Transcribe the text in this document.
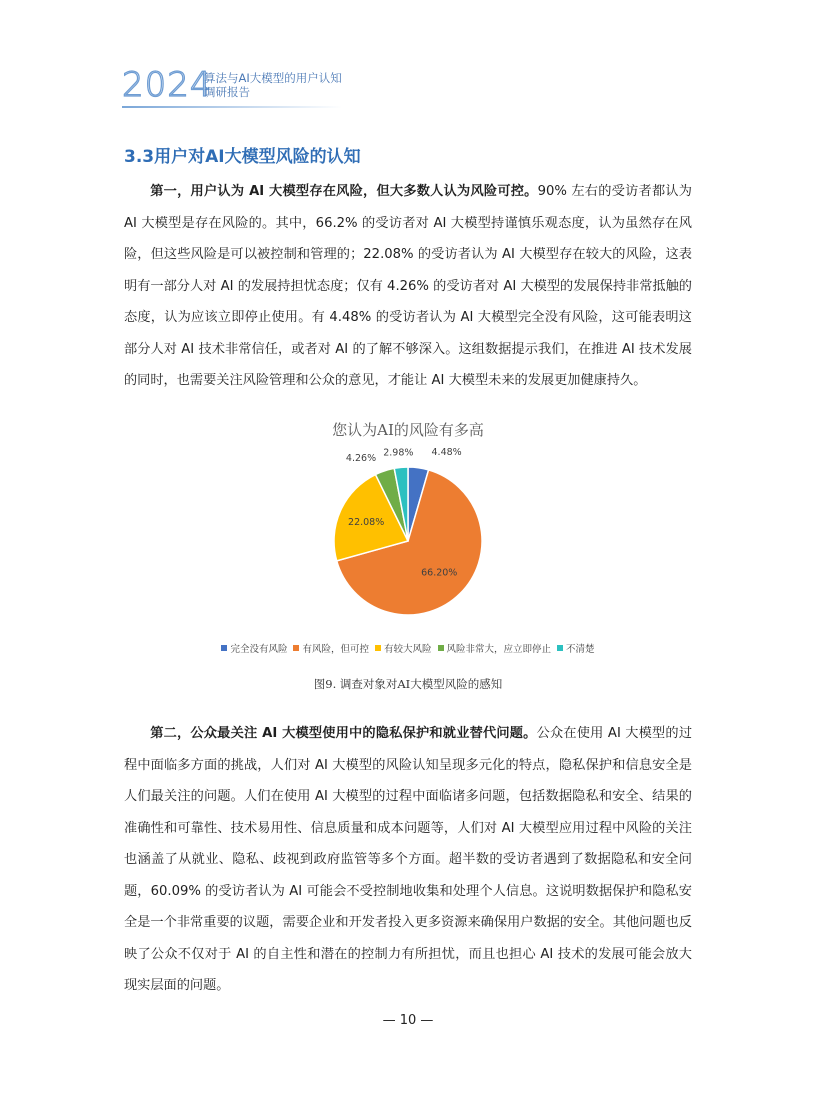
2024
算法与AI大模型的用户认知
调研报告
3.3用户对AI大模型风险的认知

第一，用户认为 AI 大模型存在风险，但大多数人认为风险可控。90% 左右的受访者都认为 AI 大模型是存在风险的。其中，66.2% 的受访者对 AI 大模型持谨慎乐观态度，认为虽然存在风险，但这些风险是可以被控制和管理的；22.08% 的受访者认为 AI 大模型存在较大的风险，这表明有一部分人对 AI 的发展持担忧态度；仅有 4.26% 的受访者对 AI 大模型的发展保持非常抵触的态度，认为应该立即停止使用。有 4.48% 的受访者认为 AI 大模型完全没有风险，这可能表明这部分人对 AI 技术非常信任，或者对 AI 的了解不够深入。这组数据提示我们，在推进 AI 技术发展的同时，也需要关注风险管理和公众的意见，才能让 AI 大模型未来的发展更加健康持久。

您认为AI的风险有多高
4.48%
66.20%
22.08%
4.26%
2.98%
完全没有风险 有风险，但可控 有较大风险 风险非常大，应立即停止 不清楚
图9. 调查对象对AI大模型风险的感知

第二，公众最关注 AI 大模型使用中的隐私保护和就业替代问题。公众在使用 AI 大模型的过程中面临多方面的挑战，人们对 AI 大模型的风险认知呈现多元化的特点，隐私保护和信息安全是人们最关注的问题。人们在使用 AI 大模型的过程中面临诸多问题，包括数据隐私和安全、结果的准确性和可靠性、技术易用性、信息质量和成本问题等，人们对 AI 大模型应用过程中风险的关注也涵盖了从就业、隐私、歧视到政府监管等多个方面。超半数的受访者遇到了数据隐私和安全问题，60.09% 的受访者认为 AI 可能会不受控制地收集和处理个人信息。这说明数据保护和隐私安全是一个非常重要的议题，需要企业和开发者投入更多资源来确保用户数据的安全。其他问题也反映了公众不仅对于 AI 的自主性和潜在的控制力有所担忧，而且也担心 AI 技术的发展可能会放大现实层面的问题。

— 10 —
